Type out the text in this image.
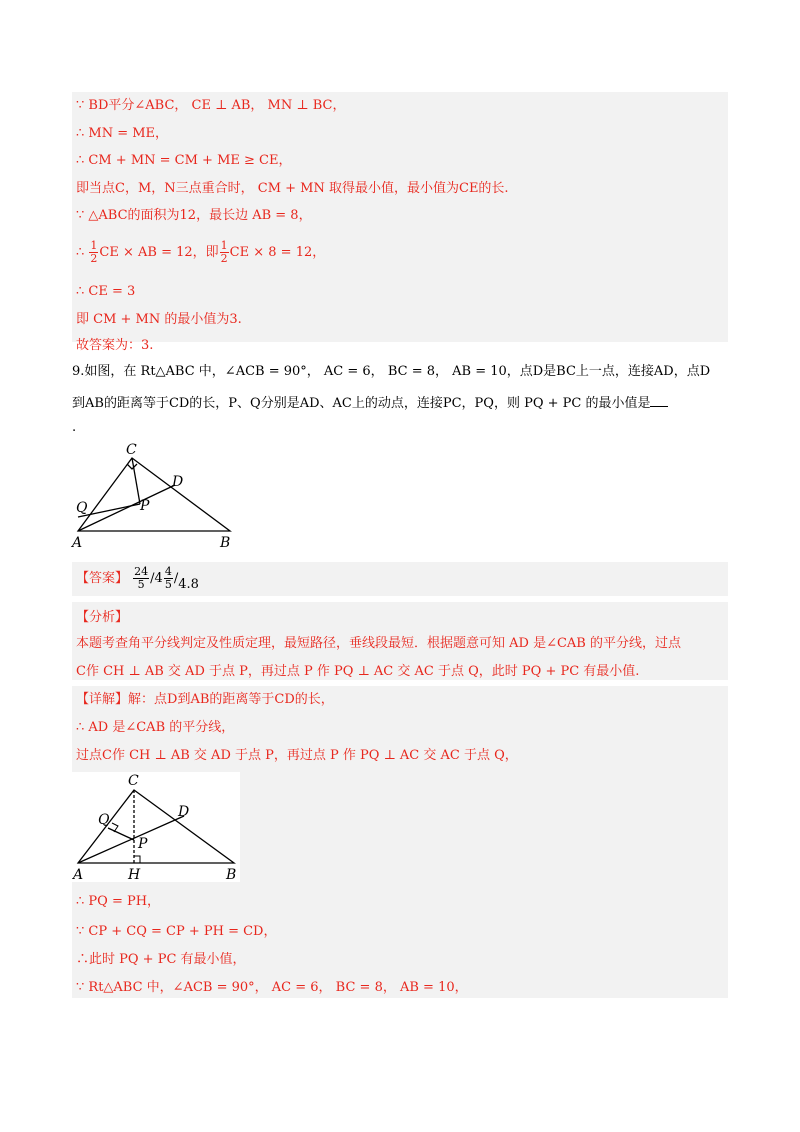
∵ BD平分∠ABC， CE ⊥ AB， MN ⊥ BC，
∴ MN = ME，
∴ CM + MN = CM + ME ≥ CE，
即当点C，M，N三点重合时， CM + MN 取得最小值，最小值为CE的长.
∵ △ABC的面积为12，最长边 AB = 8，
∴ $\frac{1}{2}$ CE × AB = 12，即 $\frac{1}{2}$ CE × 8 = 12，
∴ CE = 3
即 CM + MN 的最小值为3.
故答案为：3.
9.如图，在 Rt△ABC 中，∠ACB = 90°， AC = 6， BC = 8， AB = 10，点D是BC上一点，连接AD，点D
到AB的距离等于CD的长，P、Q分别是AD、AC上的动点，连接PC，PQ，则 PQ + PC 的最小值是
.
C
D
Q	P
A	B
【答案】 $\frac{24}{5} /4 \frac{4}{5} /4.8$
【分析】
本题考查角平分线判定及性质定理，最短路径，垂线段最短．根据题意可知 AD 是∠CAB 的平分线，过点
C作 CH ⊥ AB 交 AD 于点 P，再过点 P 作 PQ ⊥ AC 交 AC 于点 Q，此时 PQ + PC 有最小值.
【详解】解：点D到AB的距离等于CD的长，
∴ AD 是∠CAB 的平分线，
过点C作 CH ⊥ AB 交 AD 于点 P，再过点 P 作 PQ ⊥ AC 交 AC 于点 Q，
C
D
Q
P
A	H	B
∴ PQ = PH，
∵ CP + CQ = CP + PH = CD，
∴此时 PQ + PC 有最小值，
∵ Rt△ABC 中，∠ACB = 90°， AC = 6， BC = 8， AB = 10，
